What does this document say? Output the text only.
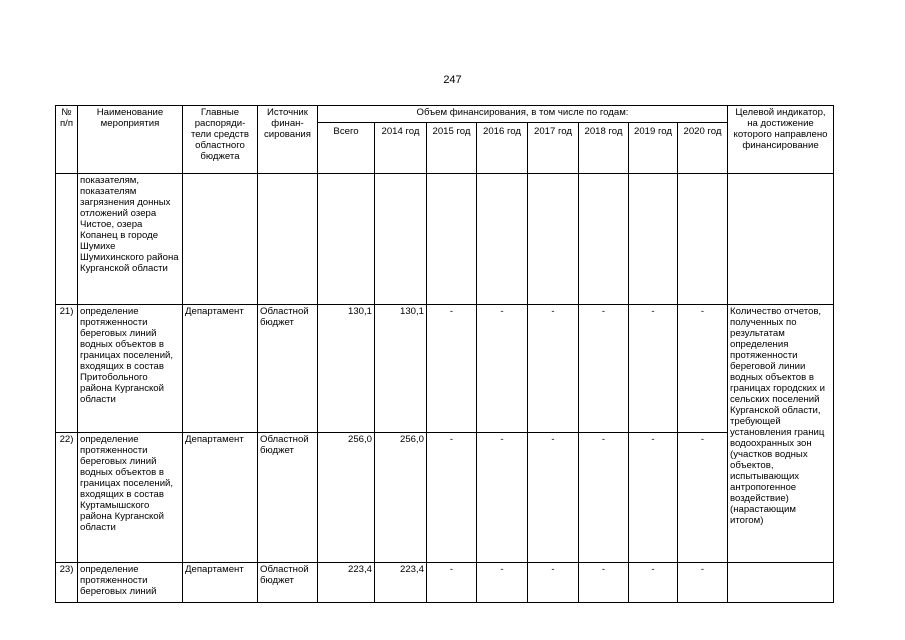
247
№ п/п	Наименование мероприятия	Главные распоряди-тели средств областного бюджета	Источник финан-сирования	Объем финансирования, в том числе по годам:								Целевой индикатор, на достижение которого направлено финансирование
				Всего	2014 год	2015 год	2016 год	2017 год	2018 год	2019 год	2020 год	
	показателям, показателям загрязнения донных отложений озера Чистое, озера Копанец в городе Шумихе Шумихинского района Курганской области											
21)	определение протяженности береговых линий водных объектов в границах поселений, входящих в состав Притобольного района Курганской области	Департамент	Областной бюджет	130,1	130,1	-	-	-	-	-	-	Количество отчетов, полученных по результатам определения протяженности береговой линии водных объектов в границах городских и сельских поселений Курганской области, требующей установления границ водоохранных зон (участков водных объектов, испытывающих антропогенное воздействие) (нарастающим итогом)
22)	определение протяженности береговых линий водных объектов в границах поселений, входящих в состав Куртамышского района Курганской области	Департамент	Областной бюджет	256,0	256,0	-	-	-	-	-	-	
23)	определение протяженности береговых линий	Департамент	Областной бюджет	223,4	223,4	-	-	-	-	-	-	
